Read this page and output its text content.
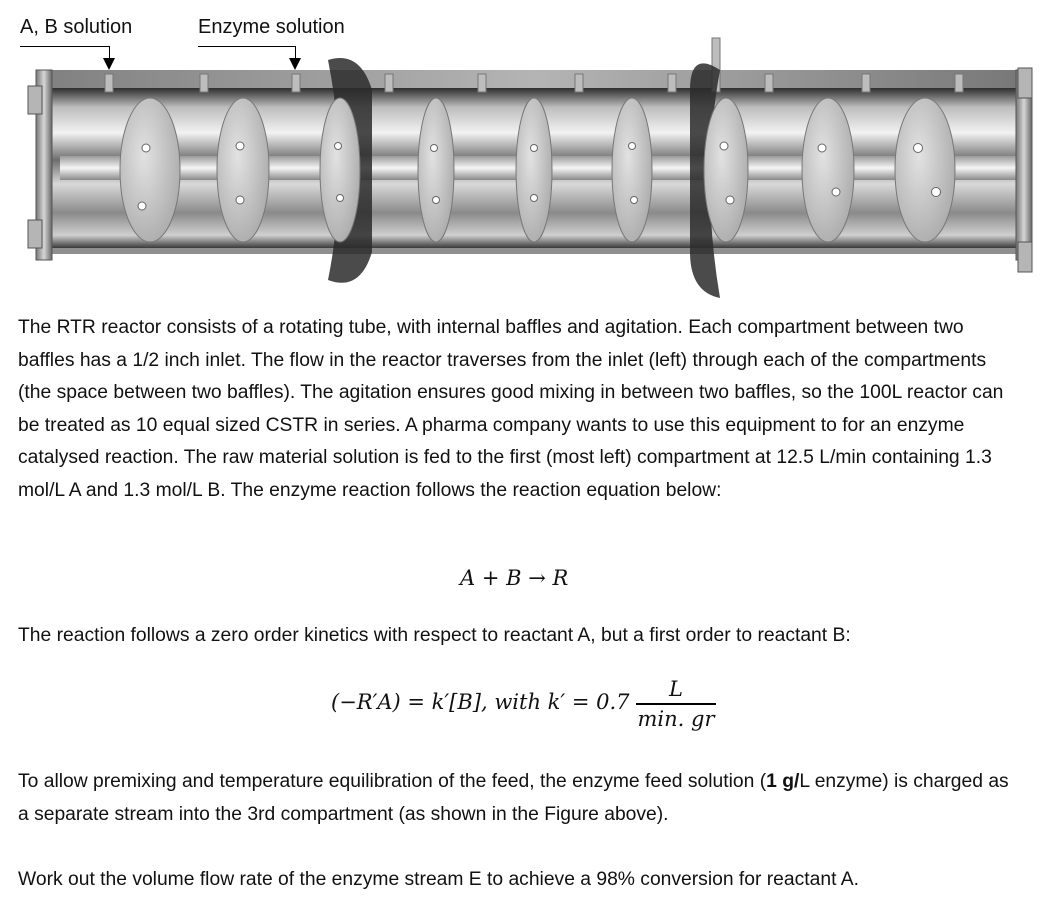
A, B solution	Enzyme solution

The RTR reactor consists of a rotating tube, with internal baffles and agitation. Each compartment between two baffles has a 1/2 inch inlet. The flow in the reactor traverses from the inlet (left) through each of the compartments (the space between two baffles). The agitation ensures good mixing in between two baffles, so the 100L reactor can be treated as 10 equal sized CSTR in series. A pharma company wants to use this equipment to for an enzyme catalysed reaction. The raw material solution is fed to the first (most left) compartment at 12.5 L/min containing 1.3 mol/L A and 1.3 mol/L B. The enzyme reaction follows the reaction equation below:

A + B → R

The reaction follows a zero order kinetics with respect to reactant A, but a first order to reactant B:

(−R′A) = k′[B], with k′ = 0.7
L
min. gr

To allow premixing and temperature equilibration of the feed, the enzyme feed solution (1 g/L enzyme) is charged as a separate stream into the 3rd compartment (as shown in the Figure above).

Work out the volume flow rate of the enzyme stream E to achieve a 98% conversion for reactant A.
